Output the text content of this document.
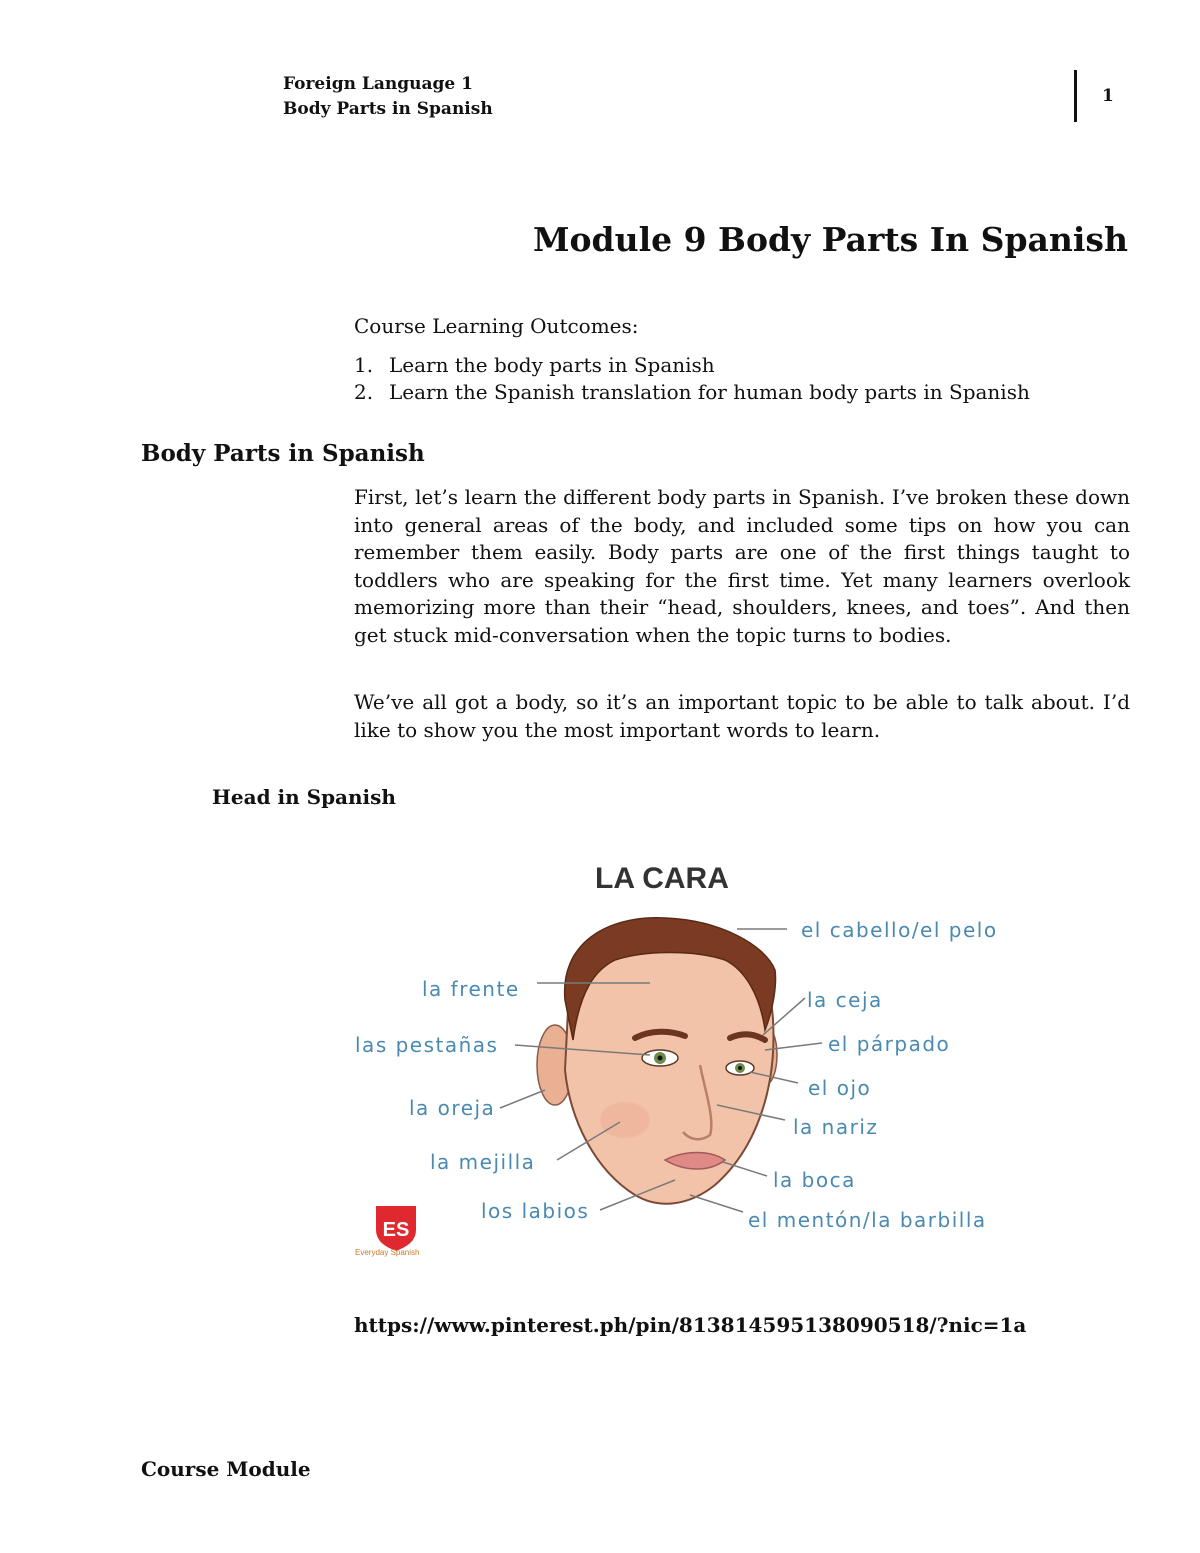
Foreign Language 1
Body Parts in Spanish
1
Module 9 Body Parts In Spanish
Course Learning Outcomes:
1. Learn the body parts in Spanish
2. Learn the Spanish translation for human body parts in Spanish
Body Parts in Spanish
First, let’s learn the different body parts in Spanish. I’ve broken these down into general areas of the body, and included some tips on how you can remember them easily. Body parts are one of the first things taught to toddlers who are speaking for the first time. Yet many learners overlook memorizing more than their “head, shoulders, knees, and toes”. And then get stuck mid-conversation when the topic turns to bodies.
We’ve all got a body, so it’s an important topic to be able to talk about. I’d like to show you the most important words to learn.
Head in Spanish
LA CARA
el cabello/el pelo
la frente	la ceja
las pestañas	el párpado
el ojo
la oreja
la nariz
la mejilla
la boca
los labios	el mentón/la barbilla
ES
Everyday Spanish
https://www.pinterest.ph/pin/813814595138090518/?nic=1a
Course Module
